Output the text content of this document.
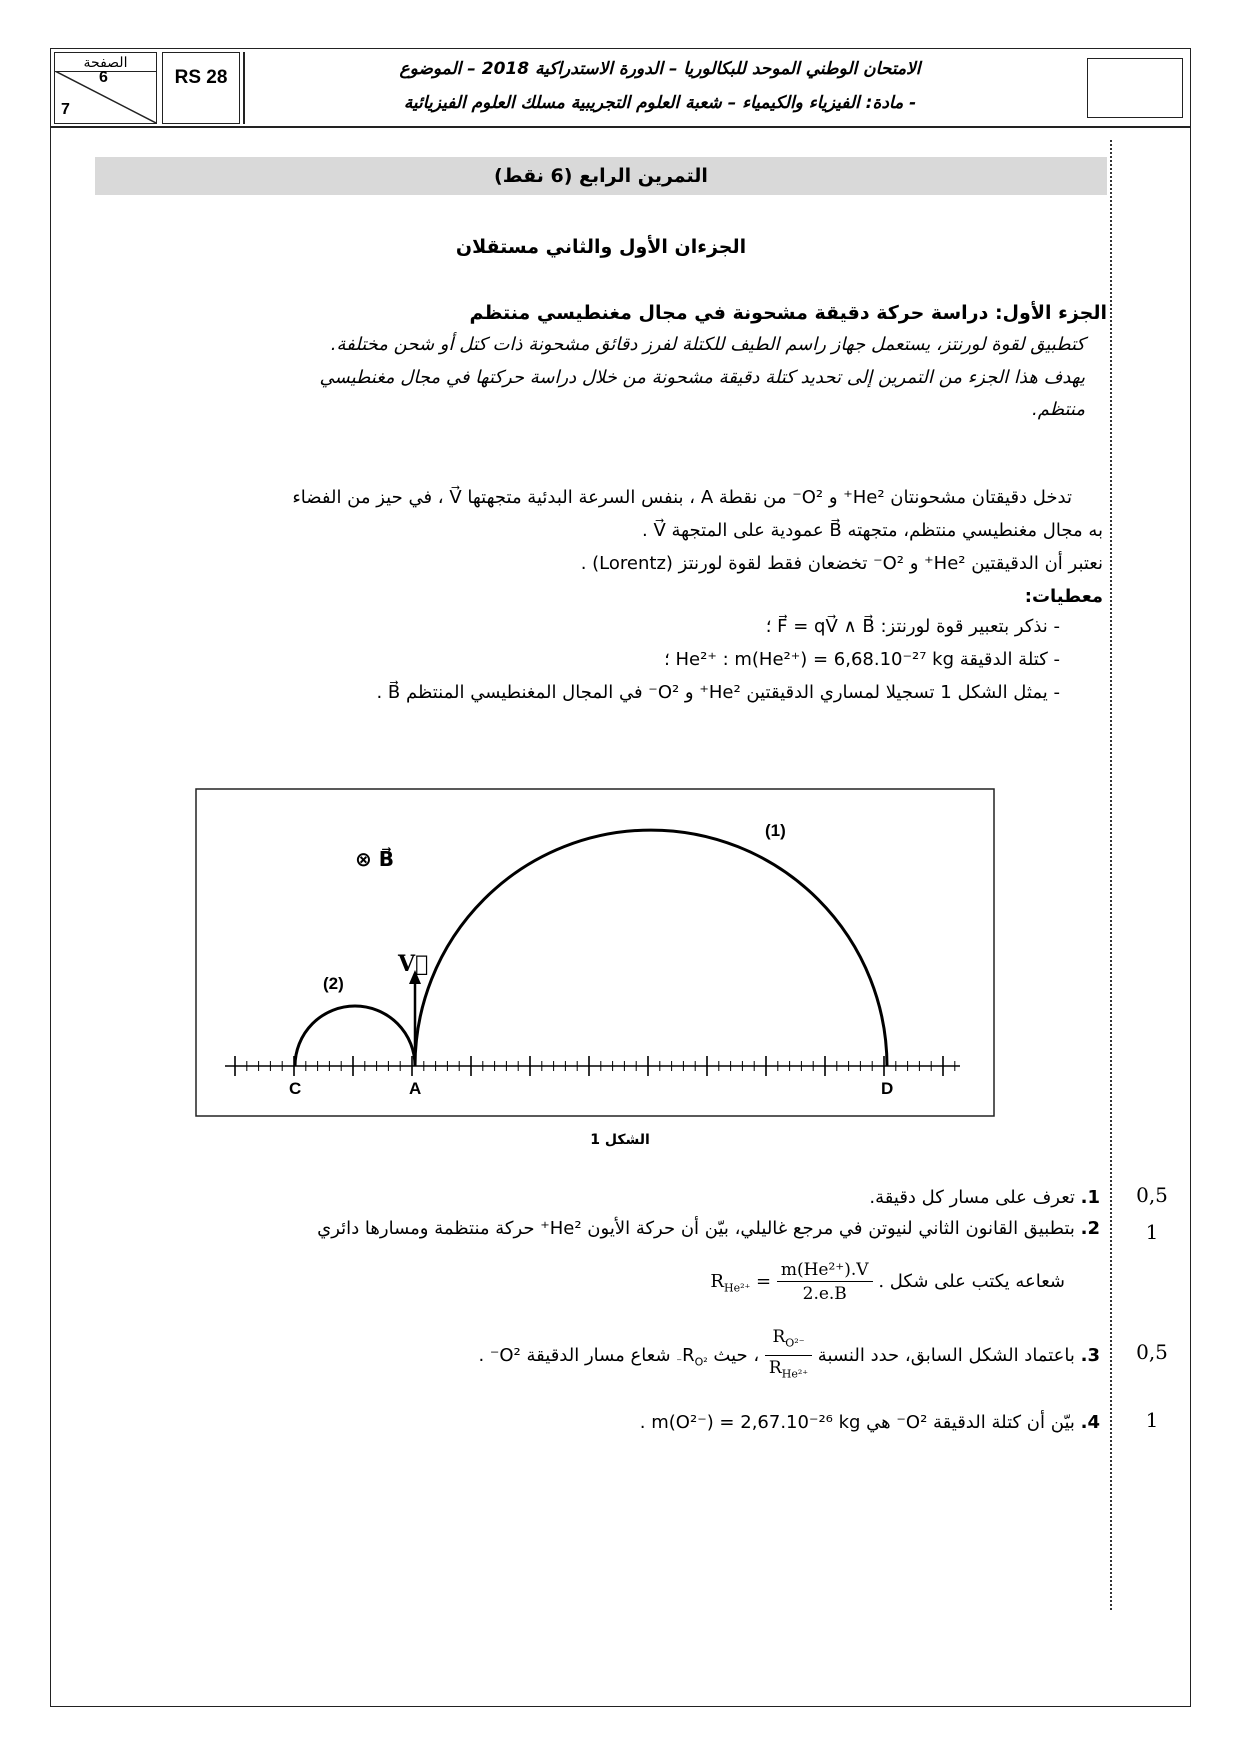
الصفحة
6
7
RS 28	الامتحان الوطني الموحد للبكالوريا – الدورة الاستدراكية 2018 – الموضوع
- مادة: الفيزياء والكيمياء – شعبة العلوم التجريبية مسلك العلوم الفيزيائية
التمرين الرابع (6 نقط)
الجزءان الأول والثاني مستقلان
الجزء الأول: دراسة حركة دقيقة مشحونة في مجال مغنطيسي منتظم
كتطبيق لقوة لورنتز، يستعمل جهاز راسم الطيف للكتلة لفرز دقائق مشحونة ذات كتل أو شحن مختلفة.
يهدف هذا الجزء من التمرين إلى تحديد كتلة دقيقة مشحونة من خلال دراسة حركتها في مجال مغنطيسي
منتظم.
تدخل دقيقتان مشحونتان He²⁺ و O²⁻ من نقطة A ، بنفس السرعة البدئية متجهتها V⃗ ، في حيز من الفضاء
به مجال مغنطيسي منتظم، متجهته B⃗ عمودية على المتجهة V⃗ .
نعتبر أن الدقيقتين He²⁺ و O²⁻ تخضعان فقط لقوة لورنتز (Lorentz) .
معطيات:
- نذكر بتعبير قوة لورنتز: F⃗ = qV⃗ ∧ B⃗ ؛
- كتلة الدقيقة He²⁺ : m(He²⁺) = 6,68.10⁻²⁷ kg ؛
- يمثل الشكل 1 تسجيلا لمساري الدقيقتين He²⁺ و O²⁻ في المجال المغنطيسي المنتظم B⃗ .
V⃗
⊗ B⃗
(1)
(2)
C	A	D
الشكل 1
0,5
1. تعرف على مسار كل دقيقة.
1
2. بتطبيق القانون الثاني لنيوتن في مرجع غاليلي، بيّن أن حركة الأيون He²⁺ حركة منتظمة ومسارها دائري
شعاعه يكتب على شكل $R_{He^{2+}} = \frac{\text{m(He²⁺).V}}{2.e.B}$ .
0,5
3. باعتماد الشكل السابق، حدد النسبة
$\frac{R_{O^{2-}}}{R_{He^{2+}}}$
، حيث $R_{O^{2-}}$ شعاع مسار الدقيقة O²⁻ .
1
4. بيّن أن كتلة الدقيقة O²⁻ هي m(O²⁻) = 2,67.10⁻²⁶ kg .
